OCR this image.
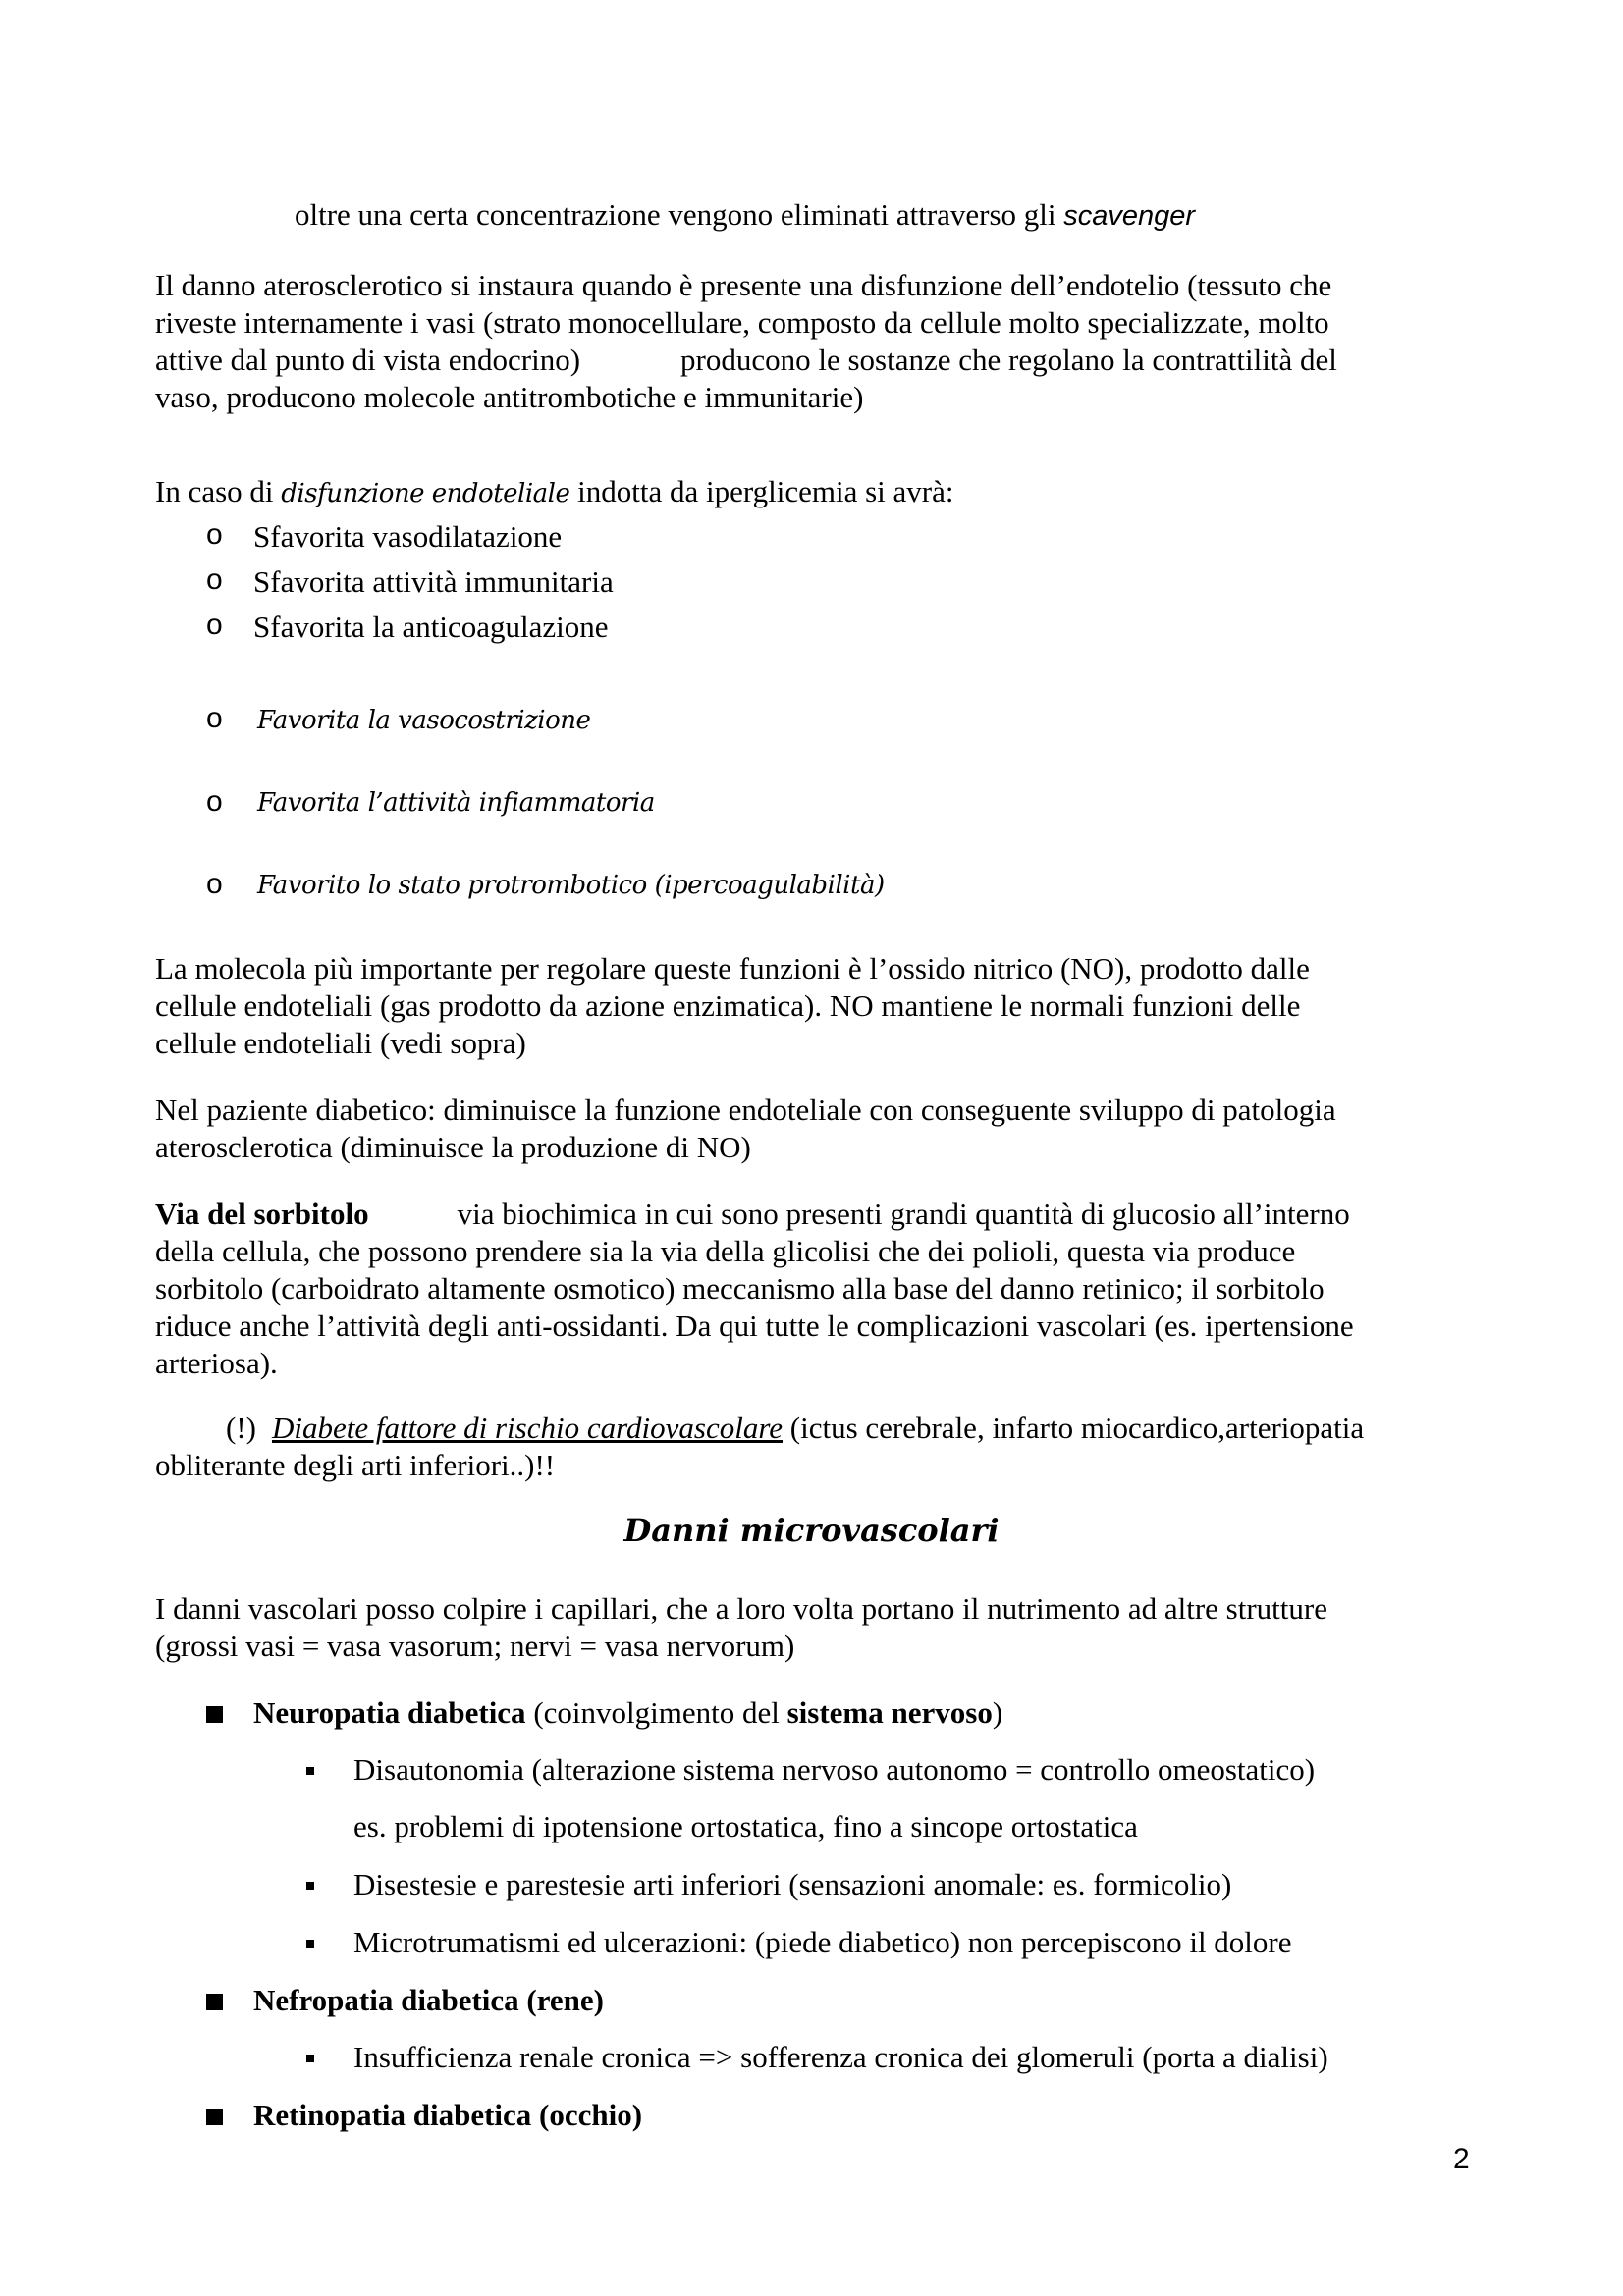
oltre una certa concentrazione vengono eliminati attraverso gli scavenger
Il danno aterosclerotico si instaura quando è presente una disfunzione dell’endotelio (tessuto che
riveste internamente i vasi (strato monocellulare, composto da cellule molto specializzate, molto
attive dal punto di vista endocrino)	producono le sostanze che regolano la contrattilità del
vaso, producono molecole antitrombotiche e immunitarie)
In caso di disfunzione endoteliale indotta da iperglicemia si avrà:
o Sfavorita vasodilatazione
o Sfavorita attività immunitaria
o Sfavorita la anticoagulazione
o Favorita la vasocostrizione
o Favorita l’attività infiammatoria
o Favorito lo stato protrombotico (ipercoagulabilità)
La molecola più importante per regolare queste funzioni è l’ossido nitrico (NO), prodotto dalle
cellule endoteliali (gas prodotto da azione enzimatica). NO mantiene le normali funzioni delle
cellule endoteliali (vedi sopra)
Nel paziente diabetico: diminuisce la funzione endoteliale con conseguente sviluppo di patologia
aterosclerotica (diminuisce la produzione di NO)
Via del sorbitolo	via biochimica in cui sono presenti grandi quantità di glucosio all’interno
della cellula, che possono prendere sia la via della glicolisi che dei polioli, questa via produce
sorbitolo (carboidrato altamente osmotico) meccanismo alla base del danno retinico; il sorbitolo
riduce anche l’attività degli anti-ossidanti. Da qui tutte le complicazioni vascolari (es. ipertensione
arteriosa).
(!) Diabete fattore di rischio cardiovascolare (ictus cerebrale, infarto miocardico,arteriopatia
obliterante degli arti inferiori..)!!
Danni microvascolari
I danni vascolari posso colpire i capillari, che a loro volta portano il nutrimento ad altre strutture
(grossi vasi = vasa vasorum; nervi = vasa nervorum)
Neuropatia diabetica (coinvolgimento del sistema nervoso)
Disautonomia (alterazione sistema nervoso autonomo = controllo omeostatico)
es. problemi di ipotensione ortostatica, fino a sincope ortostatica
Disestesie e parestesie arti inferiori (sensazioni anomale: es. formicolio)
Microtrumatismi ed ulcerazioni: (piede diabetico) non percepiscono il dolore
Nefropatia diabetica (rene)
Insufficienza renale cronica => sofferenza cronica dei glomeruli (porta a dialisi)
Retinopatia diabetica (occhio)
2
